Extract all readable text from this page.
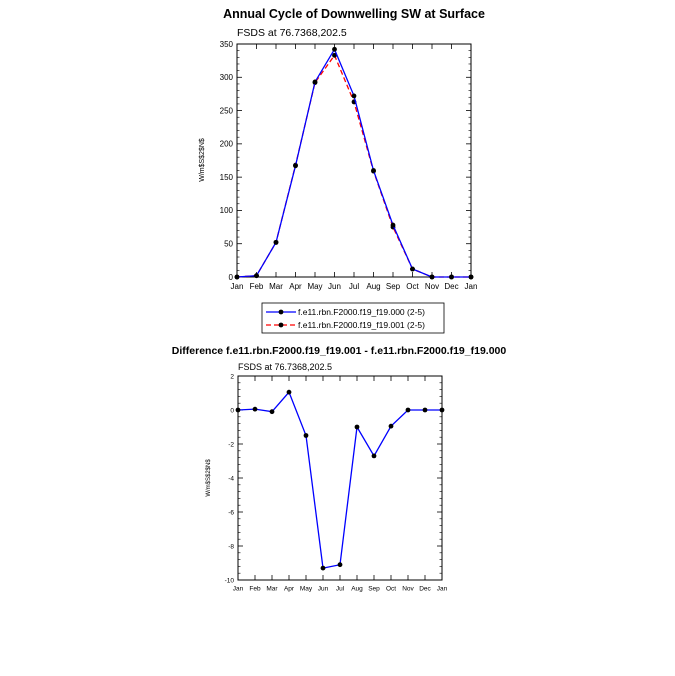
Annual Cycle of Downwelling SW at Surface
FSDS at 76.7368,202.5
W/m$S$2$N$
Difference f.e11.rbn.F2000.f19_f19.001 - f.e11.rbn.F2000.f19_f19.000
FSDS at 76.7368,202.5
W/m$S$2$N$
Jan Feb Mar Apr May Jun Jul Aug Sep Oct Nov Dec Jan
0
50
100
150
200
250
300
350
f.e11.rbn.F2000.f19_f19.000 (2-5)
f.e11.rbn.F2000.f19_f19.001 (2-5)
Jan Feb Mar Apr May Jun Jul Aug Sep Oct Nov Dec Jan
-10
-8
-6
-4
-2
0
2
